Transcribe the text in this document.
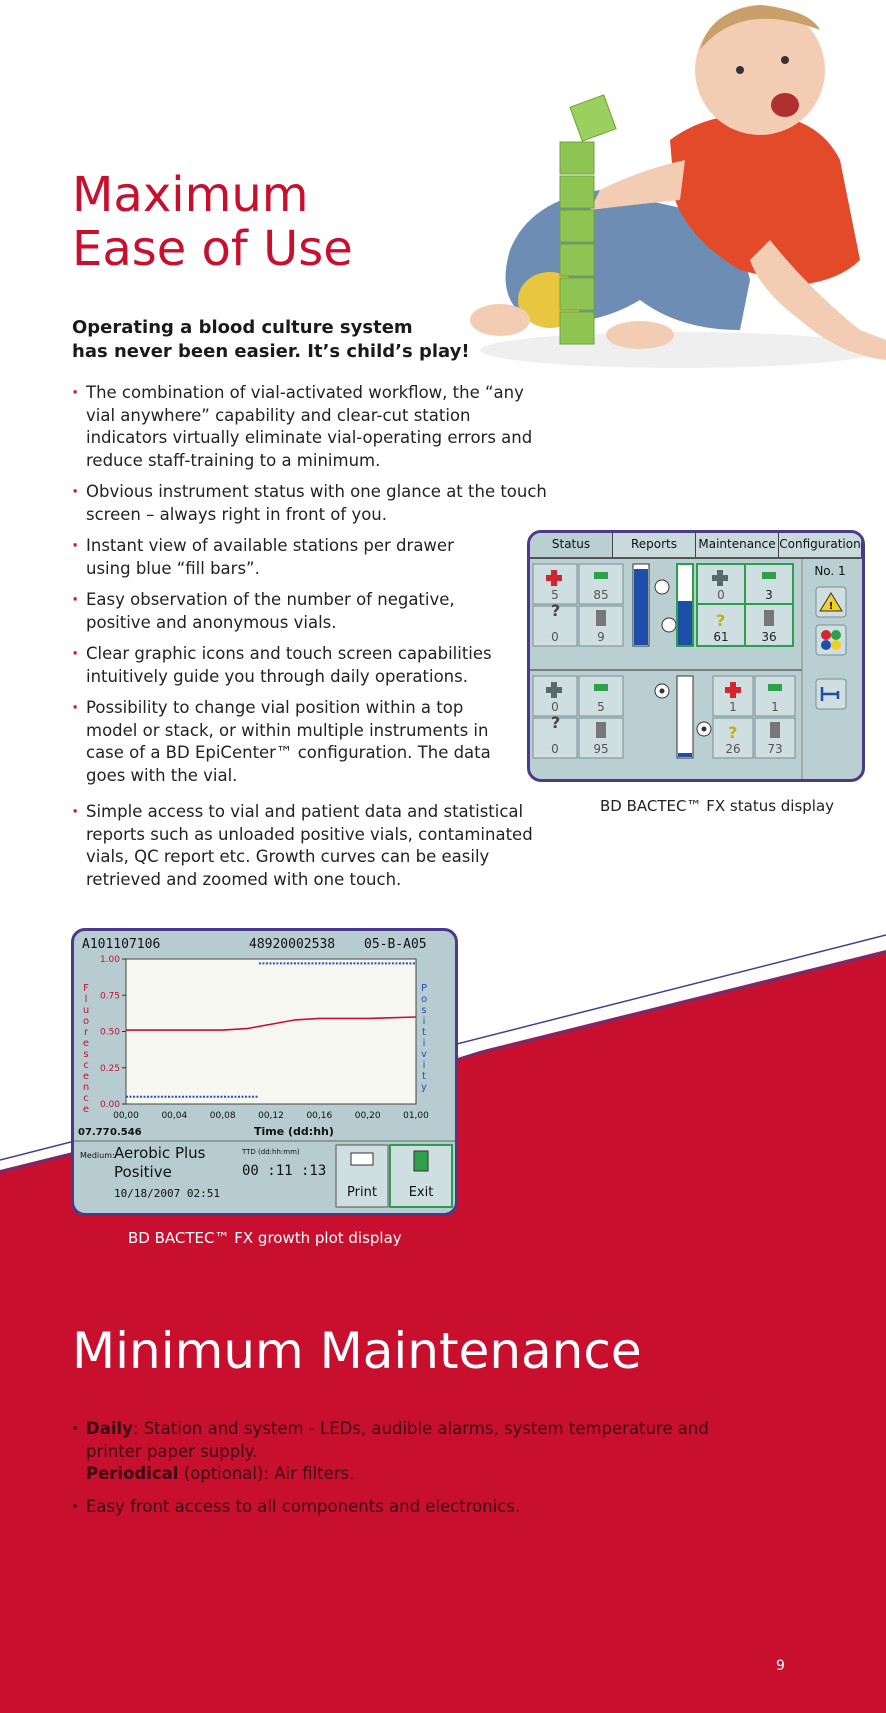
Maximum
Ease of Use

Operating a blood culture system
has never been easier. It’s child’s play!

· The combination of vial-activated workflow, the “any vial anywhere” capability and clear-cut station indicators virtually eliminate vial-operating errors and reduce staff-training to a minimum.
· Obvious instrument status with one glance at the touch screen – always right in front of you.
· Instant view of available stations per drawer using blue “fill bars”.
· Easy observation of the number of negative, positive and anonymous vials.
· Clear graphic icons and touch screen capabilities intuitively guide you through daily operations.
· Possibility to change vial position within a top model or stack, or within multiple instruments in case of a BD EpiCenter™ configuration. The data goes with the vial.
· Simple access to vial and patient data and statistical reports such as unloaded positive vials, contaminated vials, QC report etc. Growth curves can be easily retrieved and zoomed with one touch.
Status	Reports	Maintenance Configuration
?
5	85
0	9
?
0	3
61	36
?
0	5
0	95
?
1	1
26 73
No. 1
!
BD BACTEC™ FX status display
A101107106	48920002538 05-B-A05
0.00
0.25
0.50
0.75
1.00
00,00	00,04	00,08	00,12	00,16	00,20	01,00
F
l
u
o
r
e
s
c
e
n
c
e
P
o
s
i
t
i
v
i
t
y
07.77 0.546	Time (dd:hh)
Medium: Aerobic Plus
Positive
10/18/2007 02:51
TTD (dd:hh:mm)
00 :11 :13
Print Exit
BD BACTEC™ FX growth plot display
Minimum Maintenance
· Daily: Station and system - LEDs, audible alarms, system temperature and printer paper supply.
Periodical (optional): Air filters.
· Easy front access to all components and electronics.
9
